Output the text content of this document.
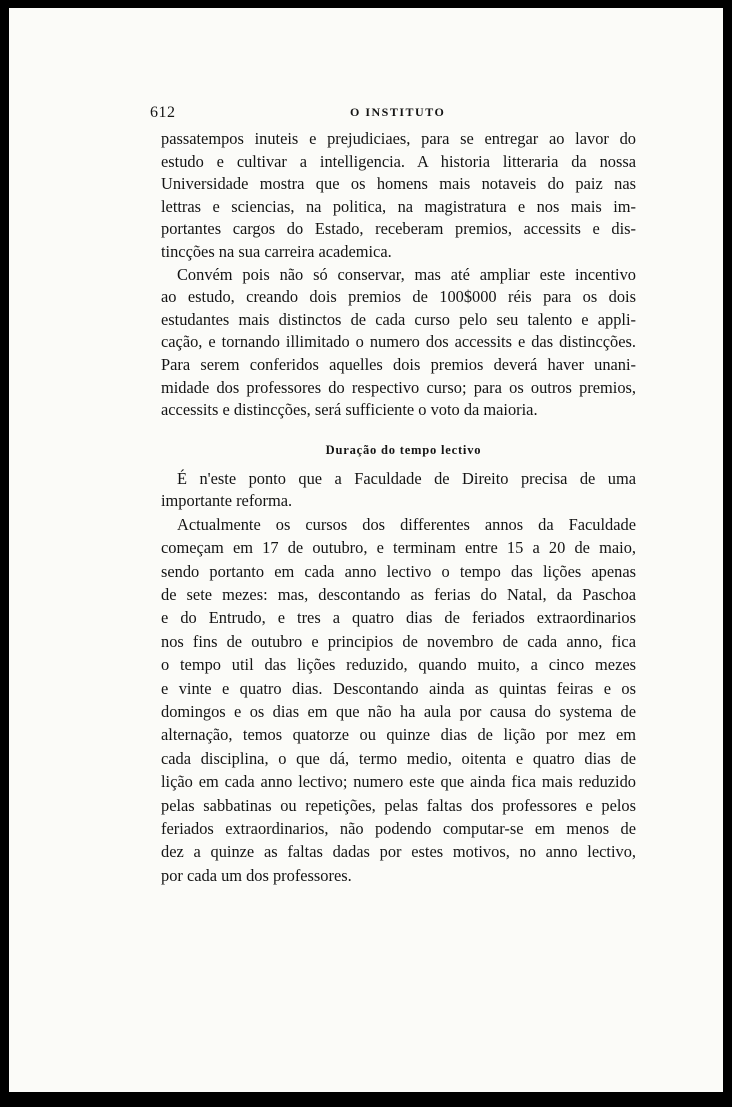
612	O INSTITUTO
passatempos inuteis e prejudiciaes, para se entregar ao lavor do
estudo e cultivar a intelligencia. A historia litteraria da nossa
Universidade mostra que os homens mais notaveis do paiz nas
lettras e sciencias, na politica, na magistratura e nos mais im-
portantes cargos do Estado, receberam premios, accessits e dis-
tincções na sua carreira academica.
Convém pois não só conservar, mas até ampliar este incentivo
ao estudo, creando dois premios de 100$000 réis para os dois
estudantes mais distinctos de cada curso pelo seu talento e appli-
cação, e tornando illimitado o numero dos accessits e das distincções.
Para serem conferidos aquelles dois premios deverá haver unani-
midade dos professores do respectivo curso; para os outros premios,
accessits e distincções, será sufficiente o voto da maioria.
Duração do tempo lectivo
É n'este ponto que a Faculdade de Direito precisa de uma
importante reforma.
Actualmente os cursos dos differentes annos da Faculdade
começam em 17 de outubro, e terminam entre 15 a 20 de maio,
sendo portanto em cada anno lectivo o tempo das lições apenas
de sete mezes: mas, descontando as ferias do Natal, da Paschoa
e do Entrudo, e tres a quatro dias de feriados extraordinarios
nos fins de outubro e principios de novembro de cada anno, fica
o tempo util das lições reduzido, quando muito, a cinco mezes
e vinte e quatro dias. Descontando ainda as quintas feiras e os
domingos e os dias em que não ha aula por causa do systema de
alternação, temos quatorze ou quinze dias de lição por mez em
cada disciplina, o que dá, termo medio, oitenta e quatro dias de
lição em cada anno lectivo; numero este que ainda fica mais reduzido
pelas sabbatinas ou repetições, pelas faltas dos professores e pelos
feriados extraordinarios, não podendo computar-se em menos de
dez a quinze as faltas dadas por estes motivos, no anno lectivo,
por cada um dos professores.
